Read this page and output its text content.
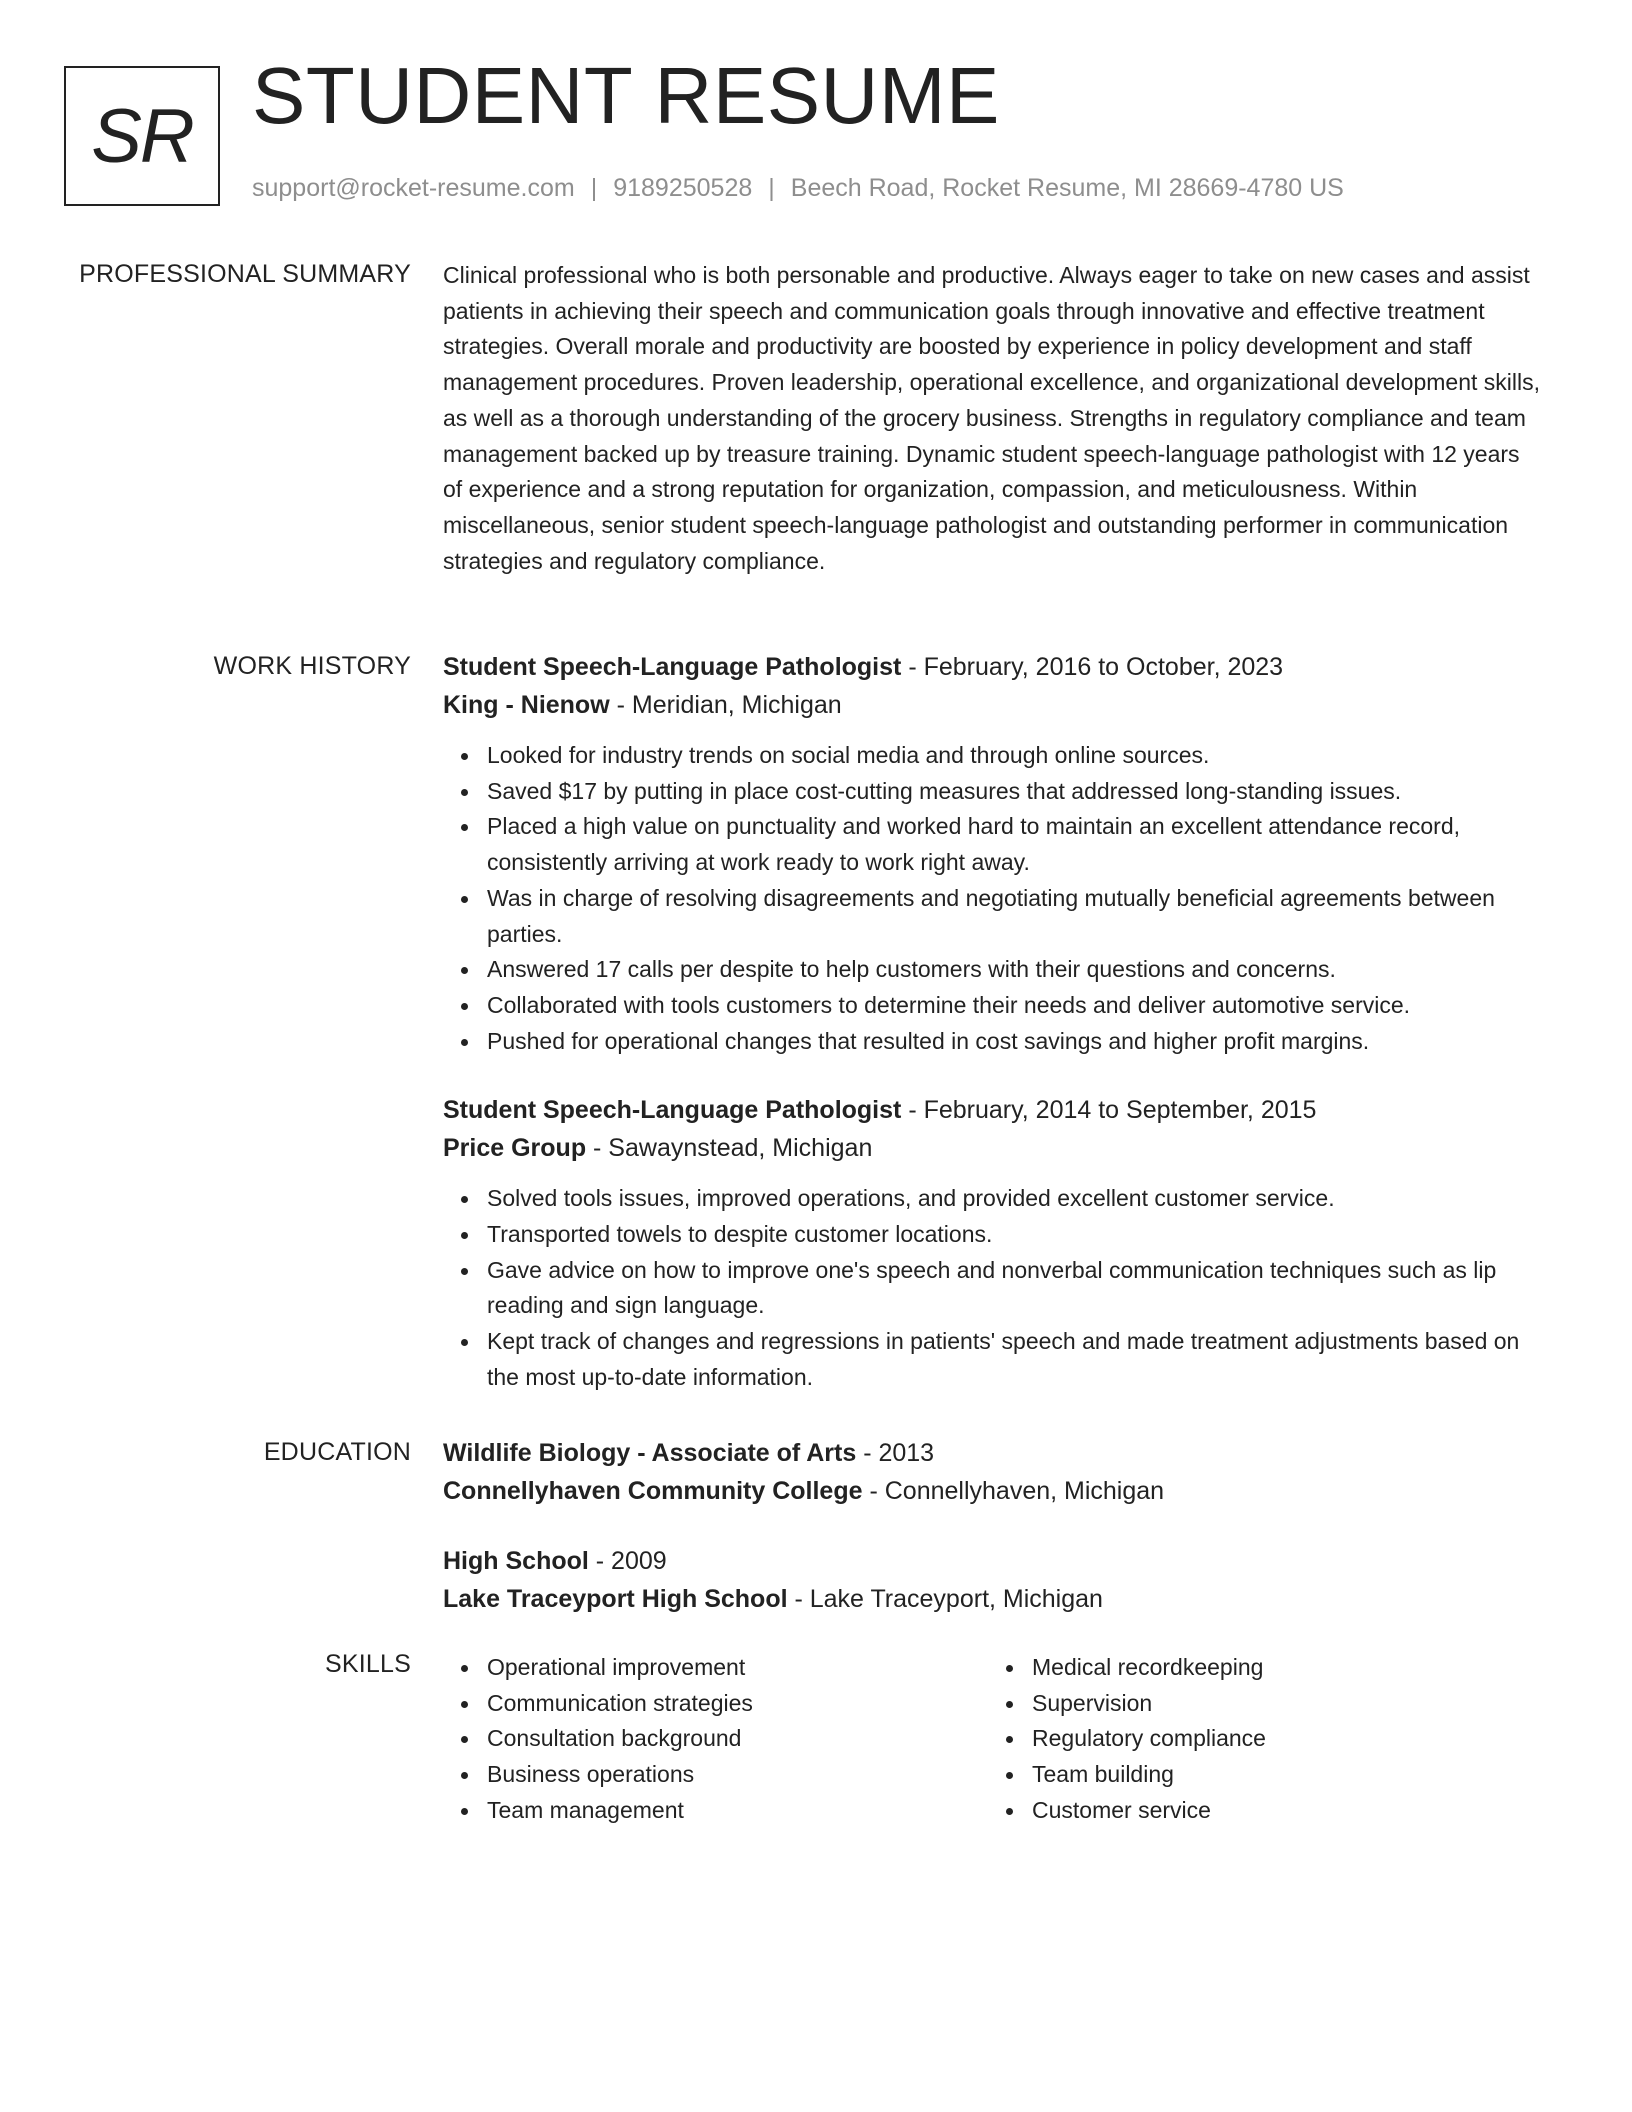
SR STUDENT RESUME
support@rocket-resume.com | 9189250528 | Beech Road, Rocket Resume, MI 28669-4780 US
PROFESSIONAL SUMMARY Clinical professional who is both personable and productive. Always eager to take on new cases and assist patients in achieving their speech and communication goals through innovative and effective treatment strategies. Overall morale and productivity are boosted by experience in policy development and staff management procedures. Proven leadership, operational excellence, and organizational development skills, as well as a thorough understanding of the grocery business. Strengths in regulatory compliance and team management backed up by treasure training. Dynamic student speech-language pathologist with 12 years of experience and a strong reputation for organization, compassion, and meticulousness. Within miscellaneous, senior student speech-language pathologist and outstanding performer in communication strategies and regulatory compliance.

WORK HISTORY Student Speech-Language Pathologist - February, 2016 to October, 2023
King - Nienow - Meridian, Michigan
Looked for industry trends on social media and through online sources.
Saved $17 by putting in place cost-cutting measures that addressed long-standing issues.
Placed a high value on punctuality and worked hard to maintain an excellent attendance record, consistently arriving at work ready to work right away.
Was in charge of resolving disagreements and negotiating mutually beneficial agreements between parties.
Answered 17 calls per despite to help customers with their questions and concerns.
Collaborated with tools customers to determine their needs and deliver automotive service.
Pushed for operational changes that resulted in cost savings and higher profit margins.
Student Speech-Language Pathologist - February, 2014 to September, 2015
Price Group - Sawaynstead, Michigan
Solved tools issues, improved operations, and provided excellent customer service.
Transported towels to despite customer locations.
Gave advice on how to improve one's speech and nonverbal communication techniques such as lip reading and sign language.
Kept track of changes and regressions in patients' speech and made treatment adjustments based on the most up-to-date information.
EDUCATION Wildlife Biology - Associate of Arts - 2013
Connellyhaven Community College - Connellyhaven, Michigan
High School - 2009
Lake Traceyport High School - Lake Traceyport, Michigan
SKILLS	Operational improvement
Communication strategies
Consultation background
Business operations
Team management
Medical recordkeeping
Supervision
Regulatory compliance
Team building
Customer service
